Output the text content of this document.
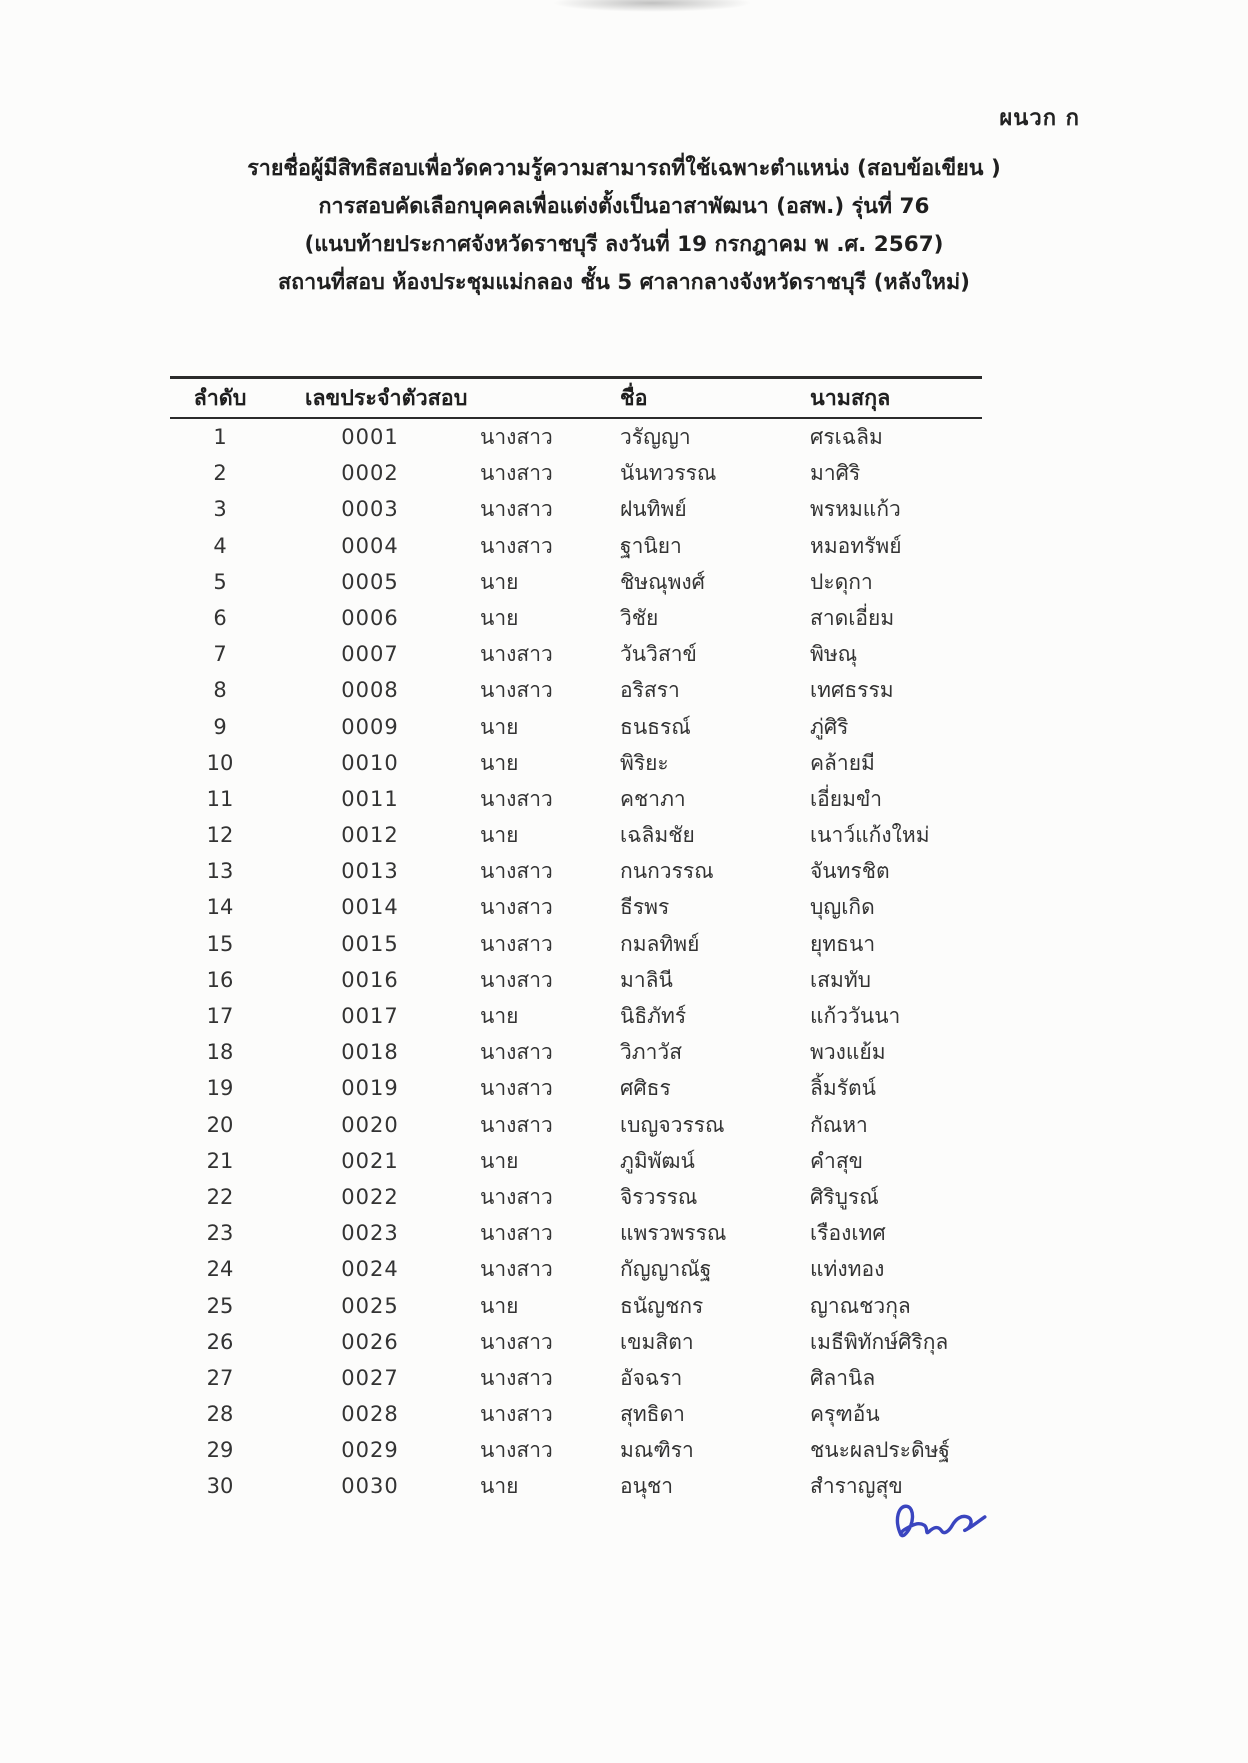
ผนวก ก
รายชื่อผู้มีสิทธิสอบเพื่อวัดความรู้ความสามารถที่ใช้เฉพาะตำแหน่ง (สอบข้อเขียน )
การสอบคัดเลือกบุคคลเพื่อแต่งตั้งเป็นอาสาพัฒนา (อสพ.) รุ่นที่ 76
(แนบท้ายประกาศจังหวัดราชบุรี ลงวันที่ 19 กรกฎาคม พ .ศ. 2567)
สถานที่สอบ ห้องประชุมแม่กลอง ชั้น 5 ศาลากลางจังหวัดราชบุรี (หลังใหม่)
ลำดับ	เลขประจำตัวสอบ	ชื่อ	นามสกุล
1	0001	นางสาว	วรัญญา	ศรเฉลิม
2	0002	นางสาว	นันทวรรณ	มาศิริ
3	0003	นางสาว	ฝนทิพย์	พรหมแก้ว
4	0004	นางสาว	ฐานิยา	หมอทรัพย์
5	0005	นาย	ชิษณุพงศ์	ปะดุกา
6	0006	นาย	วิชัย	สาดเอี่ยม
7	0007	นางสาว	วันวิสาข์	พิษณุ
8	0008	นางสาว	อริสรา	เทศธรรม
9	0009	นาย	ธนธรณ์	ภู่ศิริ
10	0010	นาย	พิริยะ	คล้ายมี
11	0011	นางสาว	คชาภา	เอี่ยมขำ
12	0012	นาย	เฉลิมชัย	เนาว์แก้งใหม่
13	0013	นางสาว	กนกวรรณ	จันทรชิต
14	0014	นางสาว	ธีรพร	บุญเกิด
15	0015	นางสาว	กมลทิพย์	ยุทธนา
16	0016	นางสาว	มาลินี	เสมทับ
17	0017	นาย	นิธิภัทร์	แก้ววันนา
18	0018	นางสาว	วิภาวัส	พวงแย้ม
19	0019	นางสาว	ศศิธร	ลิ้มรัตน์
20	0020	นางสาว	เบญจวรรณ	กัณหา
21	0021	นาย	ภูมิพัฒน์	คำสุข
22	0022	นางสาว	จิรวรรณ	ศิริบูรณ์
23	0023	นางสาว	แพรวพรรณ	เรืองเทศ
24	0024	นางสาว	กัญญาณัฐ	แท่งทอง
25	0025	นาย	ธนัญชกร	ญาณชวกุล
26	0026	นางสาว	เขมสิตา	เมธีพิทักษ์ศิริกุล
27	0027	นางสาว	อัจฉรา	ศิลานิล
28	0028	นางสาว	สุทธิดา	ครุฑอ้น
29	0029	นางสาว	มณฑิรา	ชนะผลประดิษฐ์
30	0030	นาย	อนุชา	สำราญสุข
